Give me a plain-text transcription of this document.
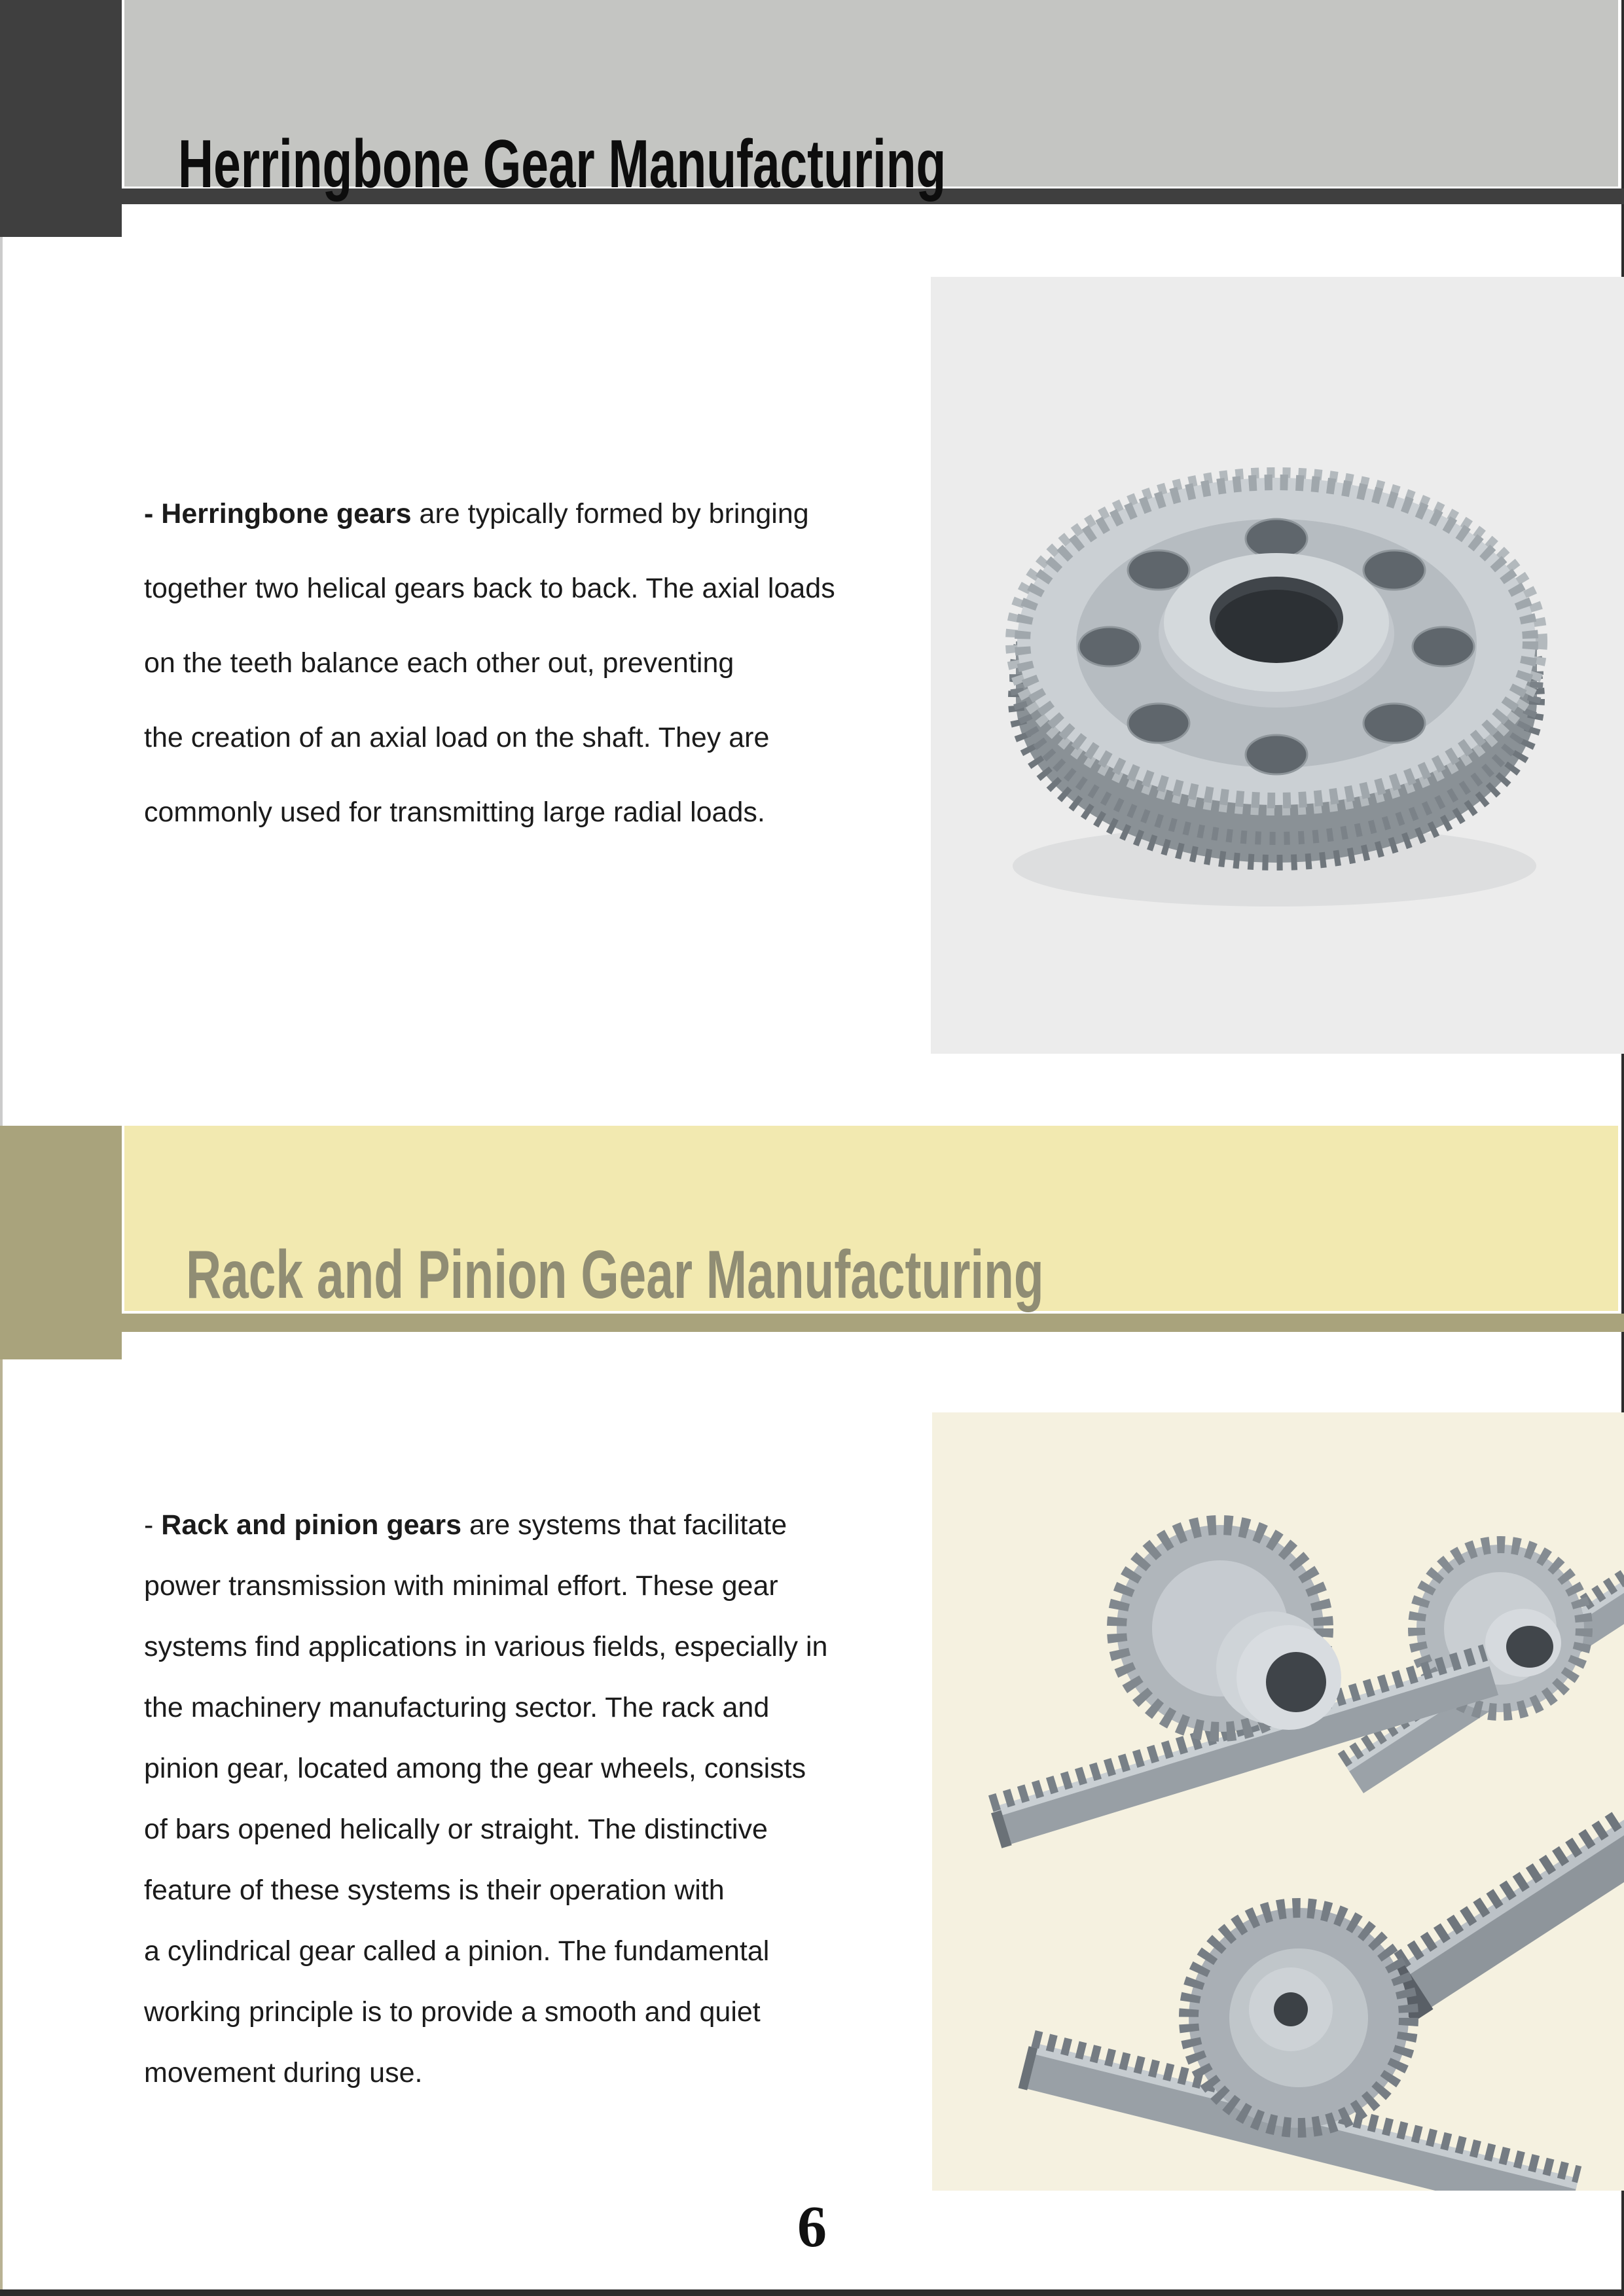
Herringbone Gear Manufacturing
- Herringbone gears are typically formed by bringing
together two helical gears back to back. The axial loads
on the teeth balance each other out, preventing
the creation of an axial load on the shaft. They are
commonly used for transmitting large radial loads.
Rack and Pinion Gear Manufacturing
- Rack and pinion gears are systems that facilitate
power transmission with minimal effort. These gear
systems find applications in various fields, especially in
the machinery manufacturing sector. The rack and
pinion gear, located among the gear wheels, consists
of bars opened helically or straight. The distinctive
feature of these systems is their operation with
a cylindrical gear called a pinion. The fundamental
working principle is to provide a smooth and quiet
movement during use.
6
